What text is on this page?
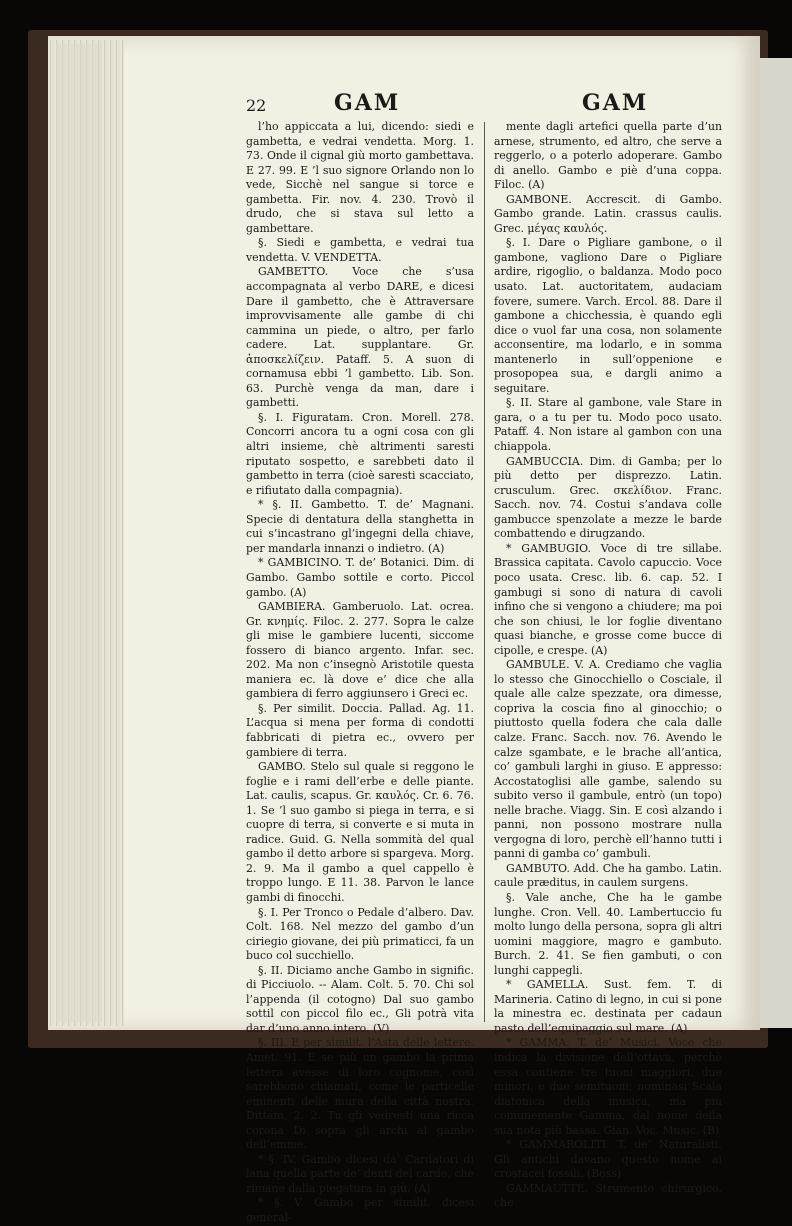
22	GAM	GAM

l’ho appiccata a lui, dicendo: siedi e gambetta, e vedrai vendetta. Morg. 1. 73. Onde il cignal giù morto gambettava. E 27. 99. E ’l suo signore Orlando non lo vede, Sicchè nel sangue si torce e gambetta. Fir. nov. 4. 230. Trovò il drudo, che si stava sul letto a gambettare.

§. Siedi e gambetta, e vedrai tua vendetta. V. VENDETTA.

GAMBETTO. Voce che s’usa accompagnata al verbo DARE, e dicesi Dare il gambetto, che è Attraversare improvvisamente alle gambe di chi cammina un piede, o altro, per farlo cadere. Lat. supplantare. Gr. ἀποσκελίζειν. Pataff. 5. A suon di cornamusa ebbi ’l gambetto. Lib. Son. 63. Purchè venga da man, dare i gambetti.

§. I. Figuratam. Cron. Morell. 278. Concorri ancora tu a ogni cosa con gli altri insieme, chè altrimenti saresti riputato sospetto, e sarebbeti dato il gambetto in terra (cioè saresti scacciato, e rifiutato dalla compagnia).

* §. II. Gambetto. T. de’ Magnani. Specie di dentatura della stanghetta in cui s’incastrano gl’ingegni della chiave, per mandarla innanzi o indietro. (A)

* GAMBICINO. T. de’ Botanici. Dim. di Gambo. Gambo sottile e corto. Piccol gambo. (A)

GAMBIERA. Gamberuolo. Lat. ocrea. Gr. κνημίς. Filoc. 2. 277. Sopra le calze gli mise le gambiere lucenti, siccome fossero di bianco argento. Infar. sec. 202. Ma non c’insegnò Aristotile questa maniera ec. là dove e’ dice che alla gambiera di ferro aggiunsero i Greci ec.

§. Per similit. Doccia. Pallad. Ag. 11. L’acqua si mena per forma di condotti fabbricati di pietra ec., ovvero per gambiere di terra.

GAMBO. Stelo sul quale si reggono le foglie e i rami dell’erbe e delle piante. Lat. caulis, scapus. Gr. καυλός. Cr. 6. 76. 1. Se ’l suo gambo si piega in terra, e si cuopre di terra, si converte e si muta in radice. Guid. G. Nella sommità del qual gambo il detto arbore si spargeva. Morg. 2. 9. Ma il gambo a quel cappello è troppo lungo. E 11. 38. Parvon le lance gambi di finocchi.

§. I. Per Tronco o Pedale d’albero. Dav. Colt. 168. Nel mezzo del gambo d’un ciriegio giovane, dei più primaticci, fa un buco col succhiello.

§. II. Diciamo anche Gambo in signific. di Picciuolo. -- Alam. Colt. 5. 70. Chi sol l’appenda (il cotogno) Dal suo gambo sottil con piccol filo ec., Gli potrà vita dar d’uno anno intero. (V)

§. III. E per similit. l’Asta delle lettere. Amet. 91. E se più un gambo la prima lettera avesse di loro cognome, così sarebbono chiamati, come le particelle eminenti delle mura della città nostra. Dittam. 2. 2. Tu gli vedresti una ricca corona Di sopra gli archi al gambo dell’emme.

* §. IV. Gambo dicesi da’ Cardatori di lana quella parte de’ denti del cardo, che rimane dalla piegatura in giù. (A)

* §. V. Gambo per similit. dicesi general-

mente dagli artefici quella parte d’un arnese, strumento, ed altro, che serve a reggerlo, o a poterlo adoperare. Gambo di anello. Gambo e piè d’una coppa. Filoc. (A)

GAMBONE. Accrescit. di Gambo. Gambo grande. Latin. crassus caulis. Grec. μέγας καυλός.

§. I. Dare o Pigliare gambone, o il gambone, vagliono Dare o Pigliare ardire, rigoglio, o baldanza. Modo poco usato. Lat. auctoritatem, audaciam fovere, sumere. Varch. Ercol. 88. Dare il gambone a chicchessia, è quando egli dice o vuol far una cosa, non solamente acconsentire, ma lodarlo, e in somma mantenerlo in sull’oppenione e prosopopea sua, e dargli animo a seguitare.

§. II. Stare al gambone, vale Stare in gara, o a tu per tu. Modo poco usato. Pataff. 4. Non istare al gambon con una chiappola.

GAMBUCCIA. Dim. di Gamba; per lo più detto per disprezzo. Latin. crusculum. Grec. σκελίδιον. Franc. Sacch. nov. 74. Costui s’andava colle gambucce spenzolate a mezze le barde combattendo e dirugzando.

* GAMBUGIO. Voce di tre sillabe. Brassica capitata. Cavolo capuccio. Voce poco usata. Cresc. lib. 6. cap. 52. I gambugi si sono di natura di cavoli infino che si vengono a chiudere; ma poi che son chiusi, le lor foglie diventano quasi bianche, e grosse come bucce di cipolle, e crespe. (A)

GAMBULE. V. A. Crediamo che vaglia lo stesso che Ginocchiello o Cosciale, il quale alle calze spezzate, ora dimesse, copriva la coscia fino al ginocchio; o piuttosto quella fodera che cala dalle calze. Franc. Sacch. nov. 76. Avendo le calze sgambate, e le brache all’antica, co’ gambuli larghi in giuso. E appresso: Accostatoglisi alle gambe, salendo su subito verso il gambule, entrò (un topo) nelle brache. Viagg. Sin. E così alzando i panni, non possono mostrare nulla vergogna di loro, perchè ell’hanno tutti i panni di gamba co’ gambuli.

GAMBUTO. Add. Che ha gambo. Latin. caule præditus, in caulem surgens.

§. Vale anche, Che ha le gambe lunghe. Cron. Vell. 40. Lambertuccio fu molto lungo della persona, sopra gli altri uomini maggiore, magro e gambuto. Burch. 2. 41. Se fien gambuti, o con lunghi cappegli.

* GAMELLA. Sust. fem. T. di Marineria. Catino di legno, in cui si pone la minestra ec. destinata per cadaun pasto dell’equipaggio sul mare. (A)

* GAMMA. T. de’ Musici. Voce che indica la divisione dell’ottava, perchè essa contiene tre tuoni maggiori, due minori, e due semituoni; nominasi Scala diatonica della musica, ma più comunemente Gamma, dal nome della sua nota più bassa. Gian. Voc. Music. (B)

* GAMMAROLITI. T. de’ Naturalisti. Gli antichi davano questo nome ai crostacei fossili. (Boss)

GAMMAUTTE. Strumento chirurgico, che
